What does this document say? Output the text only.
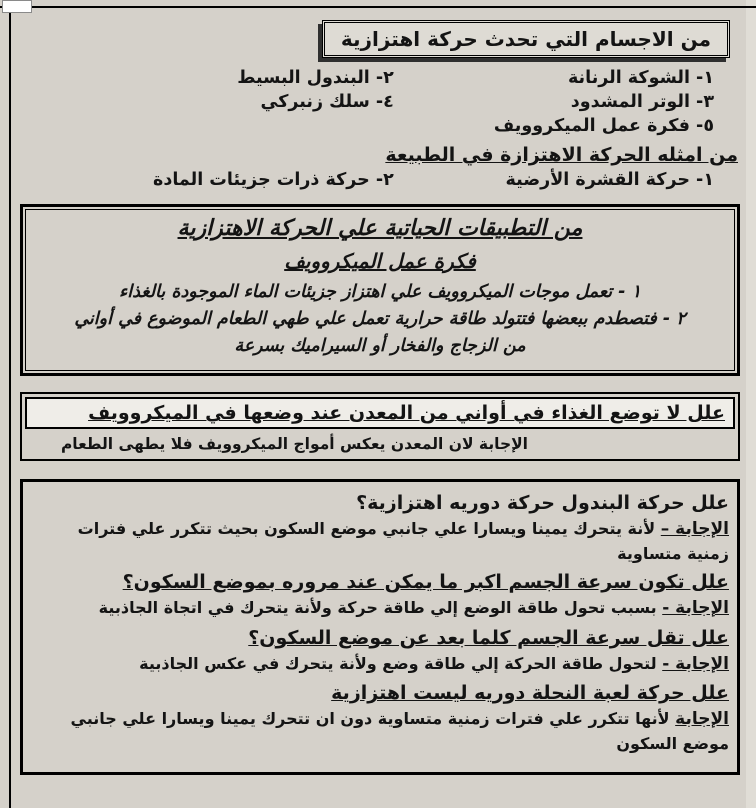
من الاجسام التي تحدث حركة اهتزازية
١- الشوكة الرنانة
٢- البندول البسيط
٣- الوتر المشدود
٤- سلك زنبركي
٥- فكرة عمل الميكروويف
من امثله الحركة الاهتزازة في الطبيعة
١- حركة القشرة الأرضية
٢- حركة ذرات جزيئات المادة
من التطبيقات الحياتية علي الحركة الاهتزازية
فكرة عمل الميكروويف
١ - تعمل موجات الميكروويف علي اهتزاز جزيئات الماء الموجودة بالغذاء
٢ - فتصطدم ببعضها فتتولد طاقة حرارية تعمل علي طهي الطعام الموضوع في أواني
من الزجاج والفخار أو السيراميك بسرعة
علل لا توضع الغذاء في أواني من المعدن عند وضعها في الميكروويف
الإجابة لان المعدن يعكس أمواج الميكروويف فلا يطهى الطعام
علل حركة البندول حركة دوريه اهتزازية؟
الإجابة – لأنة يتحرك يمينا ويسارا علي جانبي موضع السكون بحيث تتكرر علي فترات زمنية متساوية
علل تكون سرعة الجسم اكبر ما يمكن عند مروره بموضع السكون؟
الإجابة - بسبب تحول طاقة الوضع إلي طاقة حركة ولأنة يتحرك في اتجاة الجاذبية
علل تقل سرعة الجسم كلما بعد عن موضع السكون؟
الإجابة - لتحول طاقة الحركة إلي طاقة وضع ولأنة يتحرك في عكس الجاذبية
علل حركة لعبة النحلة دوريه ليست اهتزازية
الإجابة لأنها تتكرر علي فترات زمنية متساوية دون ان تتحرك يمينا ويسارا علي جانبي موضع السكون
